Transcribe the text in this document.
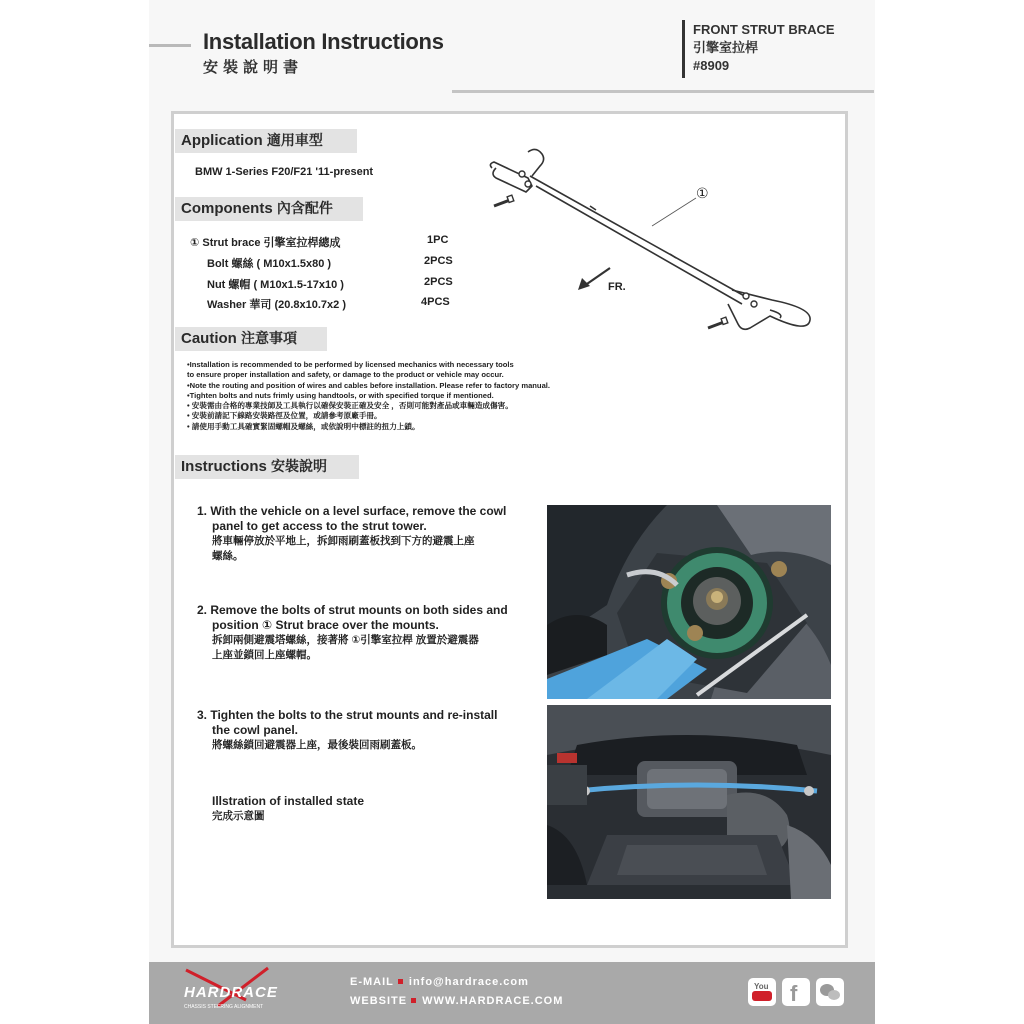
Installation Instructions
安裝說明書
FRONT STRUT BRACE
引擎室拉桿
#8909
Application 適用車型
BMW 1-Series F20/F21 '11-present
Components 內含配件
① Strut brace 引擎室拉桿總成	1PC
Bolt 螺絲 ( M10x1.5x80 )	2PCS
Nut 螺帽 ( M10x1.5-17x10 )	2PCS
Washer 華司 (20.8x10.7x2 )	4PCS
①
FR.
Caution 注意事項
•Installation is recommended to be performed by licensed mechanics with necessary tools
to ensure proper installation and safety, or damage to the product or vehicle may occur.
•Note the routing and position of wires and cables before installation. Please refer to factory manual.
•Tighten bolts and nuts frimly using handtools, or with specified torque if mentioned.
• 安裝需由合格的專業技師及工具執行以確保安裝正確及安全 ，否則可能對產品或車輛造成傷害。
• 安裝前請記下線路安裝路徑及位置，或請參考原廠手冊。
• 請使用手動工具確實緊固螺帽及螺絲，或依說明中標註的扭力上鎖。
Instructions 安裝說明
1. With the vehicle on a level surface, remove the cowl
panel to get access to the strut tower.
將車輛停放於平地上，拆卸雨刷蓋板找到下方的避震上座
螺絲。
2. Remove the bolts of strut mounts on both sides and
position ① Strut brace over the mounts.
拆卸兩側避震塔螺絲，接著將 ①引擎室拉桿 放置於避震器
上座並鎖回上座螺帽。
3. Tighten the bolts to the strut mounts and re-install
the cowl panel.
將螺絲鎖回避震器上座，最後裝回雨刷蓋板。
Illstration of installed state
完成示意圖
HARDRACE
CHASSIS STEERING ALIGNMENT
E-MAIL info@hardrace.com
WEBSITE WWW.HARDRACE.COM
You f
